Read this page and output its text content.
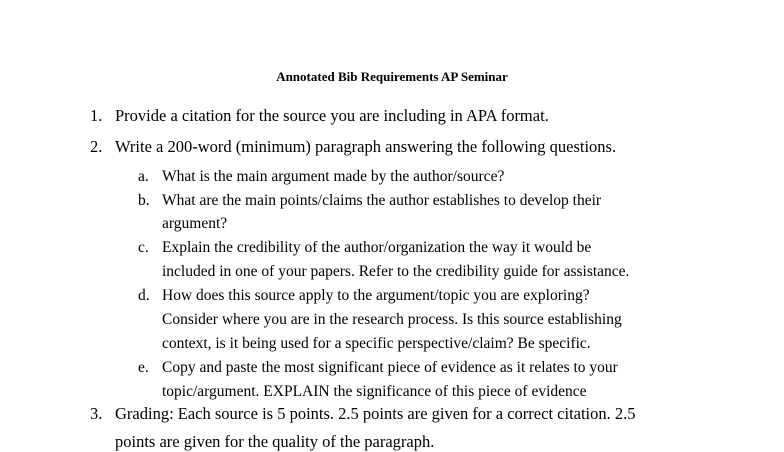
Annotated Bib Requirements AP Seminar
1. Provide a citation for the source you are including in APA format.
2. Write a 200-word (minimum) paragraph answering the following questions.
a. What is the main argument made by the author/source?
b. What are the main points/claims the author establishes to develop their
argument?
c. Explain the credibility of the author/organization the way it would be
included in one of your papers. Refer to the credibility guide for assistance.
d. How does this source apply to the argument/topic you are exploring?
Consider where you are in the research process. Is this source establishing
context, is it being used for a specific perspective/claim? Be specific.
e. Copy and paste the most significant piece of evidence as it relates to your
topic/argument. EXPLAIN the significance of this piece of evidence
3. Grading: Each source is 5 points. 2.5 points are given for a correct citation. 2.5
points are given for the quality of the paragraph.
